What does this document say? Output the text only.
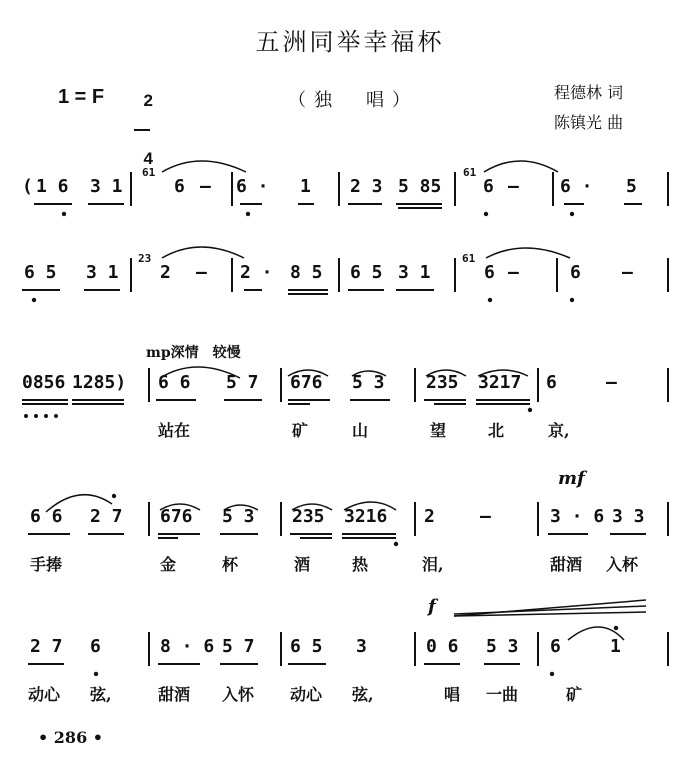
五洲同举幸福杯
1 = F	2

4

（独　唱）	程德林 词
陈镇光 曲
mp深情　较慢
mf
f
( 1 6 3 1	6 — 6 · 1 2 3 5 85 6 — 6 · 5
61	61
6 5 3 1 2 — 2 · 8 5 6 5 3 1	6 —	6 —
23	61
0856 1285) 6 6 5 7 676 5 3 235 3217 6	—
站在	矿	山	望	北	京,
6 6 2 7 676 5 3 235 3216 2	—	3 · 6 3 3
手捧	金	杯	酒	热	泪,	甜酒 入杯
2 7 6	8 · 6 5 7 6 5 3	0 6 5 3 6	1
动心 弦,	甜酒 入怀 动心 弦,	唱 一曲	矿
• 286 •
